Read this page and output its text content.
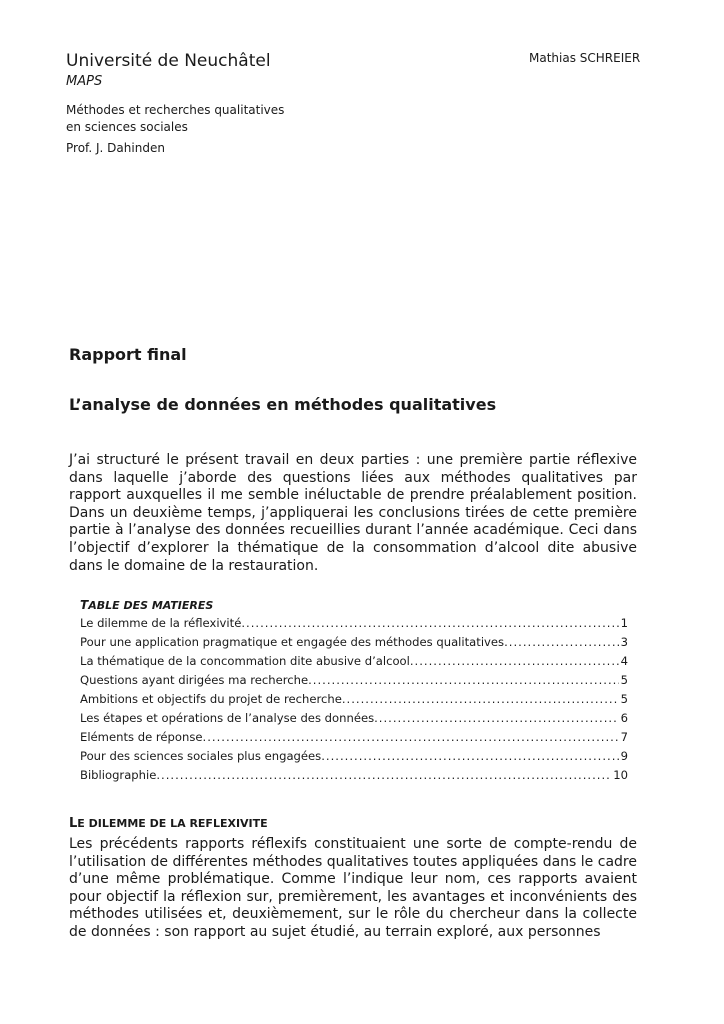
Université de Neuchâtel
MAPS
Mathias SCHREIER
Méthodes et recherches qualitatives
en sciences sociales
Prof. J. Dahinden
Rapport final
L’analyse de données en méthodes qualitatives
J’ai structuré le présent travail en deux parties : une première partie réflexive dans laquelle j’aborde des questions liées aux méthodes qualitatives par rapport auxquelles il me semble inéluctable de prendre préalablement position. Dans un deuxième temps, j’appliquerai les conclusions tirées de cette première partie à l’analyse des données recueillies durant l’année académique. Ceci dans l’objectif d’explorer la thématique de la consommation d’alcool dite abusive dans le domaine de la restauration.
TABLE DES MATIERES
Le dilemme de la réflexivité .....	1
Pour une application pragmatique et engagée des méthodes qualitatives .....	3
La thématique de la concommation dite abusive d’alcool .....	4
Questions ayant dirigées ma recherche .....	5
Ambitions et objectifs du projet de recherche .....	5
Les étapes et opérations de l’analyse des données .....	6
Eléments de réponse .....	7
Pour des sciences sociales plus engagées .....	9
Bibliographie .....	10
LE DILEMME DE LA REFLEXIVITE
Les précédents rapports réflexifs constituaient une sorte de compte-rendu de l’utilisation de différentes méthodes qualitatives toutes appliquées dans le cadre d’une même problématique. Comme l’indique leur nom, ces rapports avaient pour objectif la réflexion sur, premièrement, les avantages et inconvénients des méthodes utilisées et, deuxièmement, sur le rôle du chercheur dans la collecte de données : son rapport au sujet étudié, au terrain exploré, aux personnes
